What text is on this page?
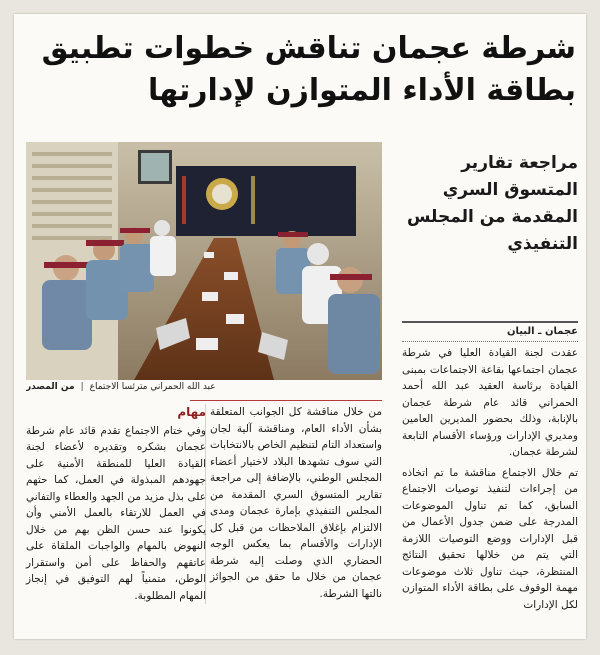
شرطة عجمان تناقش خطوات تطبيق بطاقة الأداء المتوازن لإدارتها
عبد الله الحمراني مترئساً الاجتماع
|
من المصدر
مراجعة تقارير المتسوق السري المقدمة من المجلس التنفيذي
عجمان ـ البيان

عقدت لجنة القيادة العليا في شرطة عجمان اجتماعها بقاعة الاجتماعات بمبنى القيادة برئاسة العقيد عبد الله أحمد الحمراني قائد عام شرطة عجمان بالإنابة، وذلك بحضور المديرين العامين ومديري الإدارات ورؤساء الأقسام التابعة لشرطة عجمان.

تم خلال الاجتماع مناقشة ما تم اتخاذه من إجراءات لتنفيذ توصيات الاجتماع السابق، كما تم تناول الموضوعات المدرجة على ضمن جدول الأعمال من قبل الإدارات ووضع التوصيات اللازمة التي يتم من خلالها تحقيق النتائج المنتظرة، حيث تناول ثلاث موضوعات مهمة الوقوف على بطاقة الأداء المتوازن لكل الإدارات

من خلال مناقشة كل الجوانب المتعلقة بشأن الأداء العام، ومناقشة آلية لجان واستعداد التام لتنظيم الخاص بالانتخابات التي سوف تشهدها البلاد لاختيار أعضاء المجلس الوطني، بالإضافة إلى مراجعة تقارير المتسوق السري المقدمة من المجلس التنفيذي بإمارة عجمان ومدى الالتزام بإغلاق الملاحظات من قبل كل الإدارات والأقسام بما يعكس الوجه الحضاري الذي وصلت إليه شرطة عجمان من خلال ما حقق من الجوائز نالتها الشرطة.

مهام

وفي ختام الاجتماع تقدم قائد عام شرطة عجمان بشكره وتقديره لأعضاء لجنة القيادة العليا للمنطقة الأمنية على جهودهم المبذولة في العمل، كما حثهم على بذل مزيد من الجهد والعطاء والتفاني في العمل للارتقاء بالعمل الأمني وأن يكونوا عند حسن الظن بهم من خلال النهوض بالمهام والواجبات الملقاة على عاتقهم والحفاظ على أمن واستقرار الوطن، متمنياً لهم التوفيق في إنجاز المهام المطلوبة.
